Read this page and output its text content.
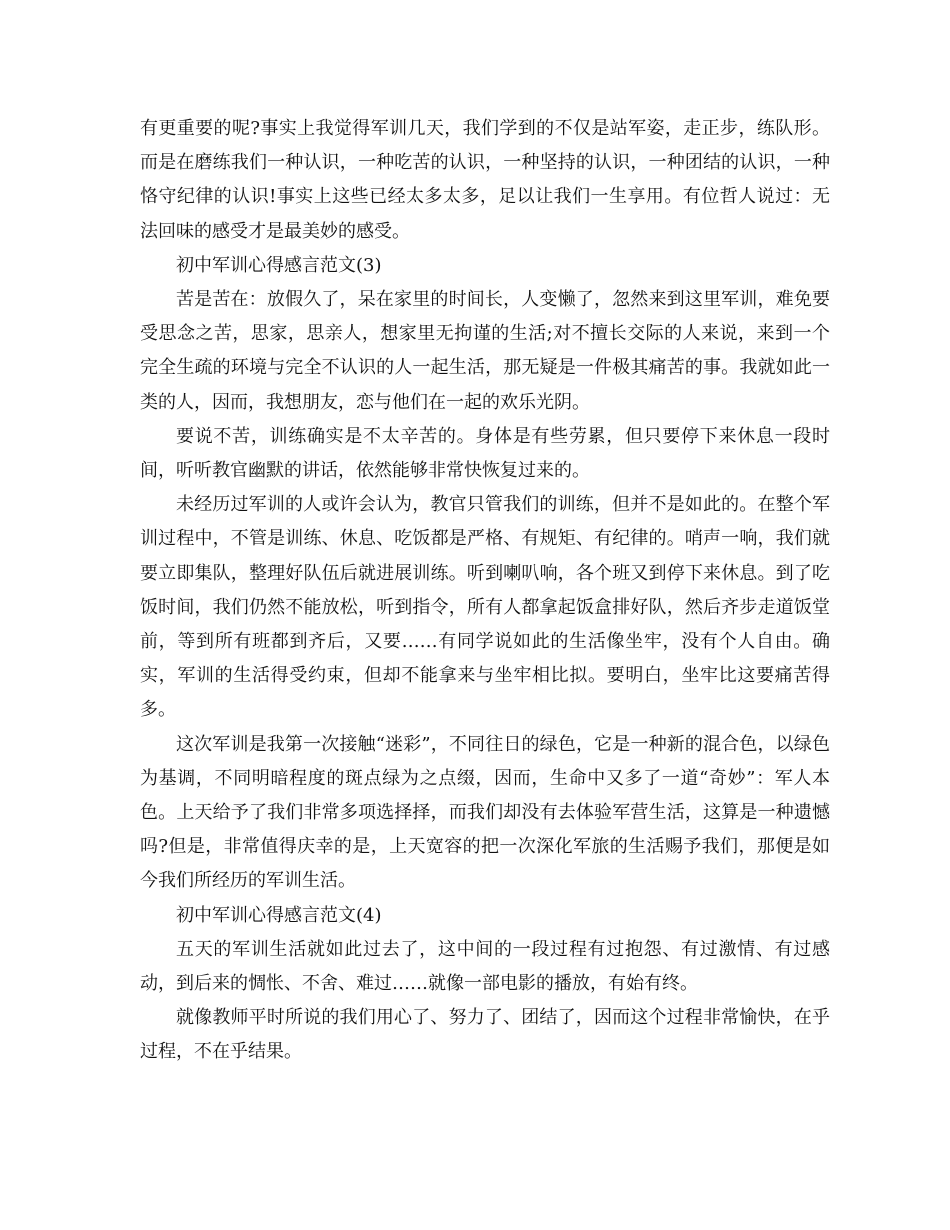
有更重要的呢?事实上我觉得军训几天，我们学到的不仅是站军姿，走正步，练队形。而是在磨练我们一种认识，一种吃苦的认识，一种坚持的认识，一种团结的认识，一种恪守纪律的认识!事实上这些已经太多太多，足以让我们一生享用。有位哲人说过：无法回味的感受才是最美妙的感受。

初中军训心得感言范文(3)

苦是苦在：放假久了，呆在家里的时间长，人变懒了，忽然来到这里军训，难免要受思念之苦，思家，思亲人，想家里无拘谨的生活;对不擅长交际的人来说，来到一个完全生疏的环境与完全不认识的人一起生活，那无疑是一件极其痛苦的事。我就如此一类的人，因而，我想朋友，恋与他们在一起的欢乐光阴。

要说不苦，训练确实是不太辛苦的。身体是有些劳累，但只要停下来休息一段时间，听听教官幽默的讲话，依然能够非常快恢复过来的。

未经历过军训的人或许会认为，教官只管我们的训练，但并不是如此的。在整个军训过程中，不管是训练、休息、吃饭都是严格、有规矩、有纪律的。哨声一响，我们就要立即集队，整理好队伍后就进展训练。听到喇叭响，各个班又到停下来休息。到了吃饭时间，我们仍然不能放松，听到指令，所有人都拿起饭盒排好队，然后齐步走道饭堂前，等到所有班都到齐后，又要……有同学说如此的生活像坐牢，没有个人自由。确实，军训的生活得受约束，但却不能拿来与坐牢相比拟。要明白，坐牢比这要痛苦得多。

这次军训是我第一次接触“迷彩”，不同往日的绿色，它是一种新的混合色，以绿色为基调，不同明暗程度的斑点绿为之点缀，因而，生命中又多了一道“奇妙”：军人本色。上天给予了我们非常多项选择择，而我们却没有去体验军营生活，这算是一种遗憾吗?但是，非常值得庆幸的是，上天宽容的把一次深化军旅的生活赐予我们，那便是如今我们所经历的军训生活。

初中军训心得感言范文(4)

五天的军训生活就如此过去了，这中间的一段过程有过抱怨、有过激情、有过感动，到后来的惆怅、不舍、难过……就像一部电影的播放，有始有终。

就像教师平时所说的我们用心了、努力了、团结了，因而这个过程非常愉快，在乎过程，不在乎结果。
